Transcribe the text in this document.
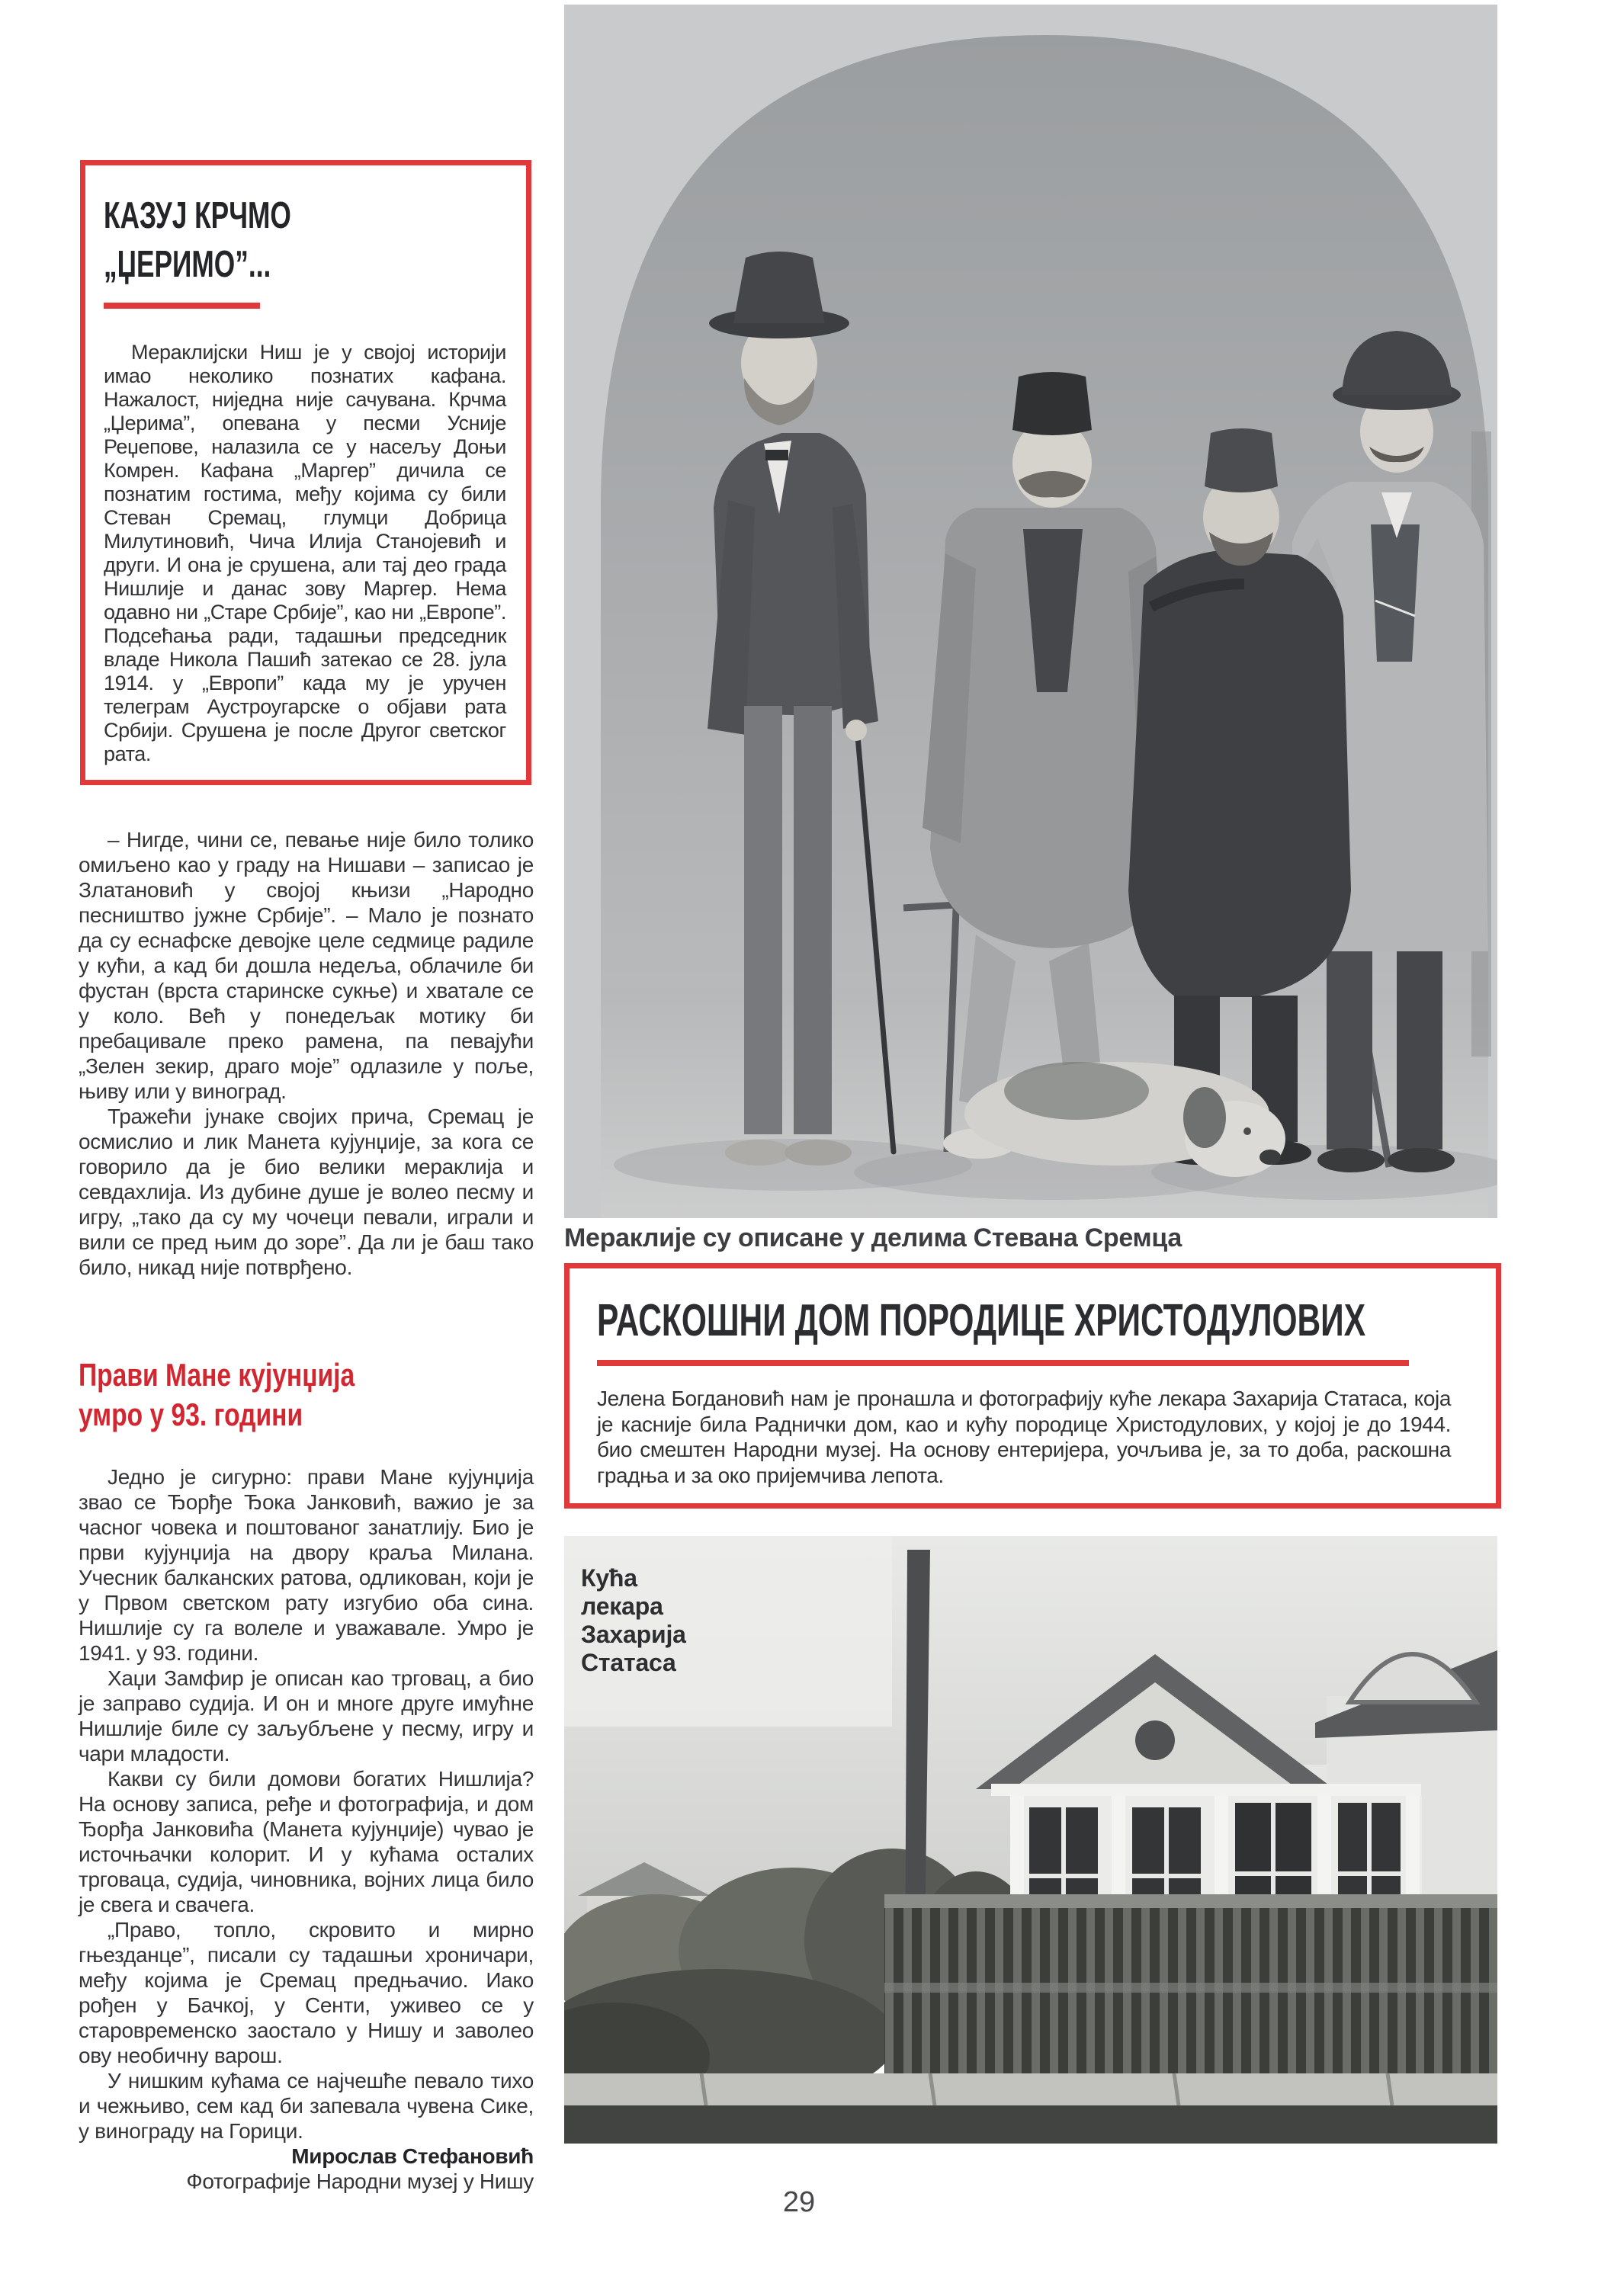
КАЗУЈ КРЧМО
„ЏЕРИМО”...

Мераклијски Ниш је у својој историји имао неколико познатих кафана. Нажалост, ниједна није сачувана. Крчма „Џерима”, опевана у песми Усније Реџепове, налазила се у насељу Доњи Комрен. Кафана „Маргер” дичила се познатим гостима, међу којима су били Стеван Сремац, глумци Добрица Милутиновић, Чича Илија Станојевић и други. И она је срушена, али тај део града Нишлије и данас зову Маргер. Нема одавно ни „Старе Србије”, као ни „Европе”. Подсећања ради, тадашњи председник владе Никола Пашић затекао се 28. јула 1914. у „Европи” када му је уручен телеграм Аустроугарске о објави рата Србији. Срушена је после Другог светског рата.

– Нигде, чини се, певање није било толико омиљено као у граду на Нишави – записао је Златановић у својој књизи „Народно песништво јужне Србије”. – Мало је познато да су еснафске девојке целе седмице радиле у кући, а кад би дошла недеља, облачиле би фустан (врста старинске сукње) и хватале се у коло. Већ у понедељак мотику би пребацивале преко рамена, па певајући „Зелен зекир, драго моје” одлазиле у поље, њиву или у виноград.

Тражећи јунаке својих прича, Сремац је осмислио и лик Манета кујунџије, за кога се говорило да је био велики мераклија и севдахлија. Из дубине душе је волео песму и игру, „тако да су му чочеци певали, играли и вили се пред њим до зоре”. Да ли је баш тако било, никад није потврђено.

Прави Мане кујунџија
умро у 93. години

Једно је сигурно: прави Мане кујунџија звао се Ђорђе Ђока Јанковић, важио је за часног човека и поштованог занатлију. Био је први кујунџија на двору краља Милана. Учесник балканских ратова, одликован, који је у Првом светском рату изгубио оба сина. Нишлије су га волеле и уважавале. Умро је 1941. у 93. години.

Хаџи Замфир је описан као трговац, а био је заправо судија. И он и многе друге имућне Нишлије биле су заљубљене у песму, игру и чари младости.

Какви су били домови богатих Нишлија? На основу записа, ређе и фотографија, и дом Ђорђа Јанковића (Манета кујунџије) чувао је источњачки колорит. И у кућама осталих трговаца, судија, чиновника, војних лица било је свега и свачега.

„Право, топло, скровито и мирно гњезданце”, писали су тадашњи хроничари, међу којима је Сремац предњачио. Иако рођен у Бачкој, у Сенти, уживео се у старовременско заостало у Нишу и заволео ову необичну варош.

У нишким кућама се најчешће певало тихо и чежњиво, сем кад би запевала чувена Сике, у винограду на Горици.

Мирослав Стефановић

Фотографије Народни музеј у Нишу

Мераклије су описане у делима Стевана Сремца

РАСКОШНИ ДОМ ПОРОДИЦЕ ХРИСТОДУЛОВИХ

Јелена Богдановић нам је пронашла и фотографију куће лекара Захарија Статаса, која је касније била Раднички дом, као и кућу породице Христодулових, у којој је до 1944. био смештен Народни музеј. На основу ентеријера, уочљива је, за то доба, раскошна градња и за око пријемчива лепота.

Кућа
лекара
Захарија
Статаса
29
